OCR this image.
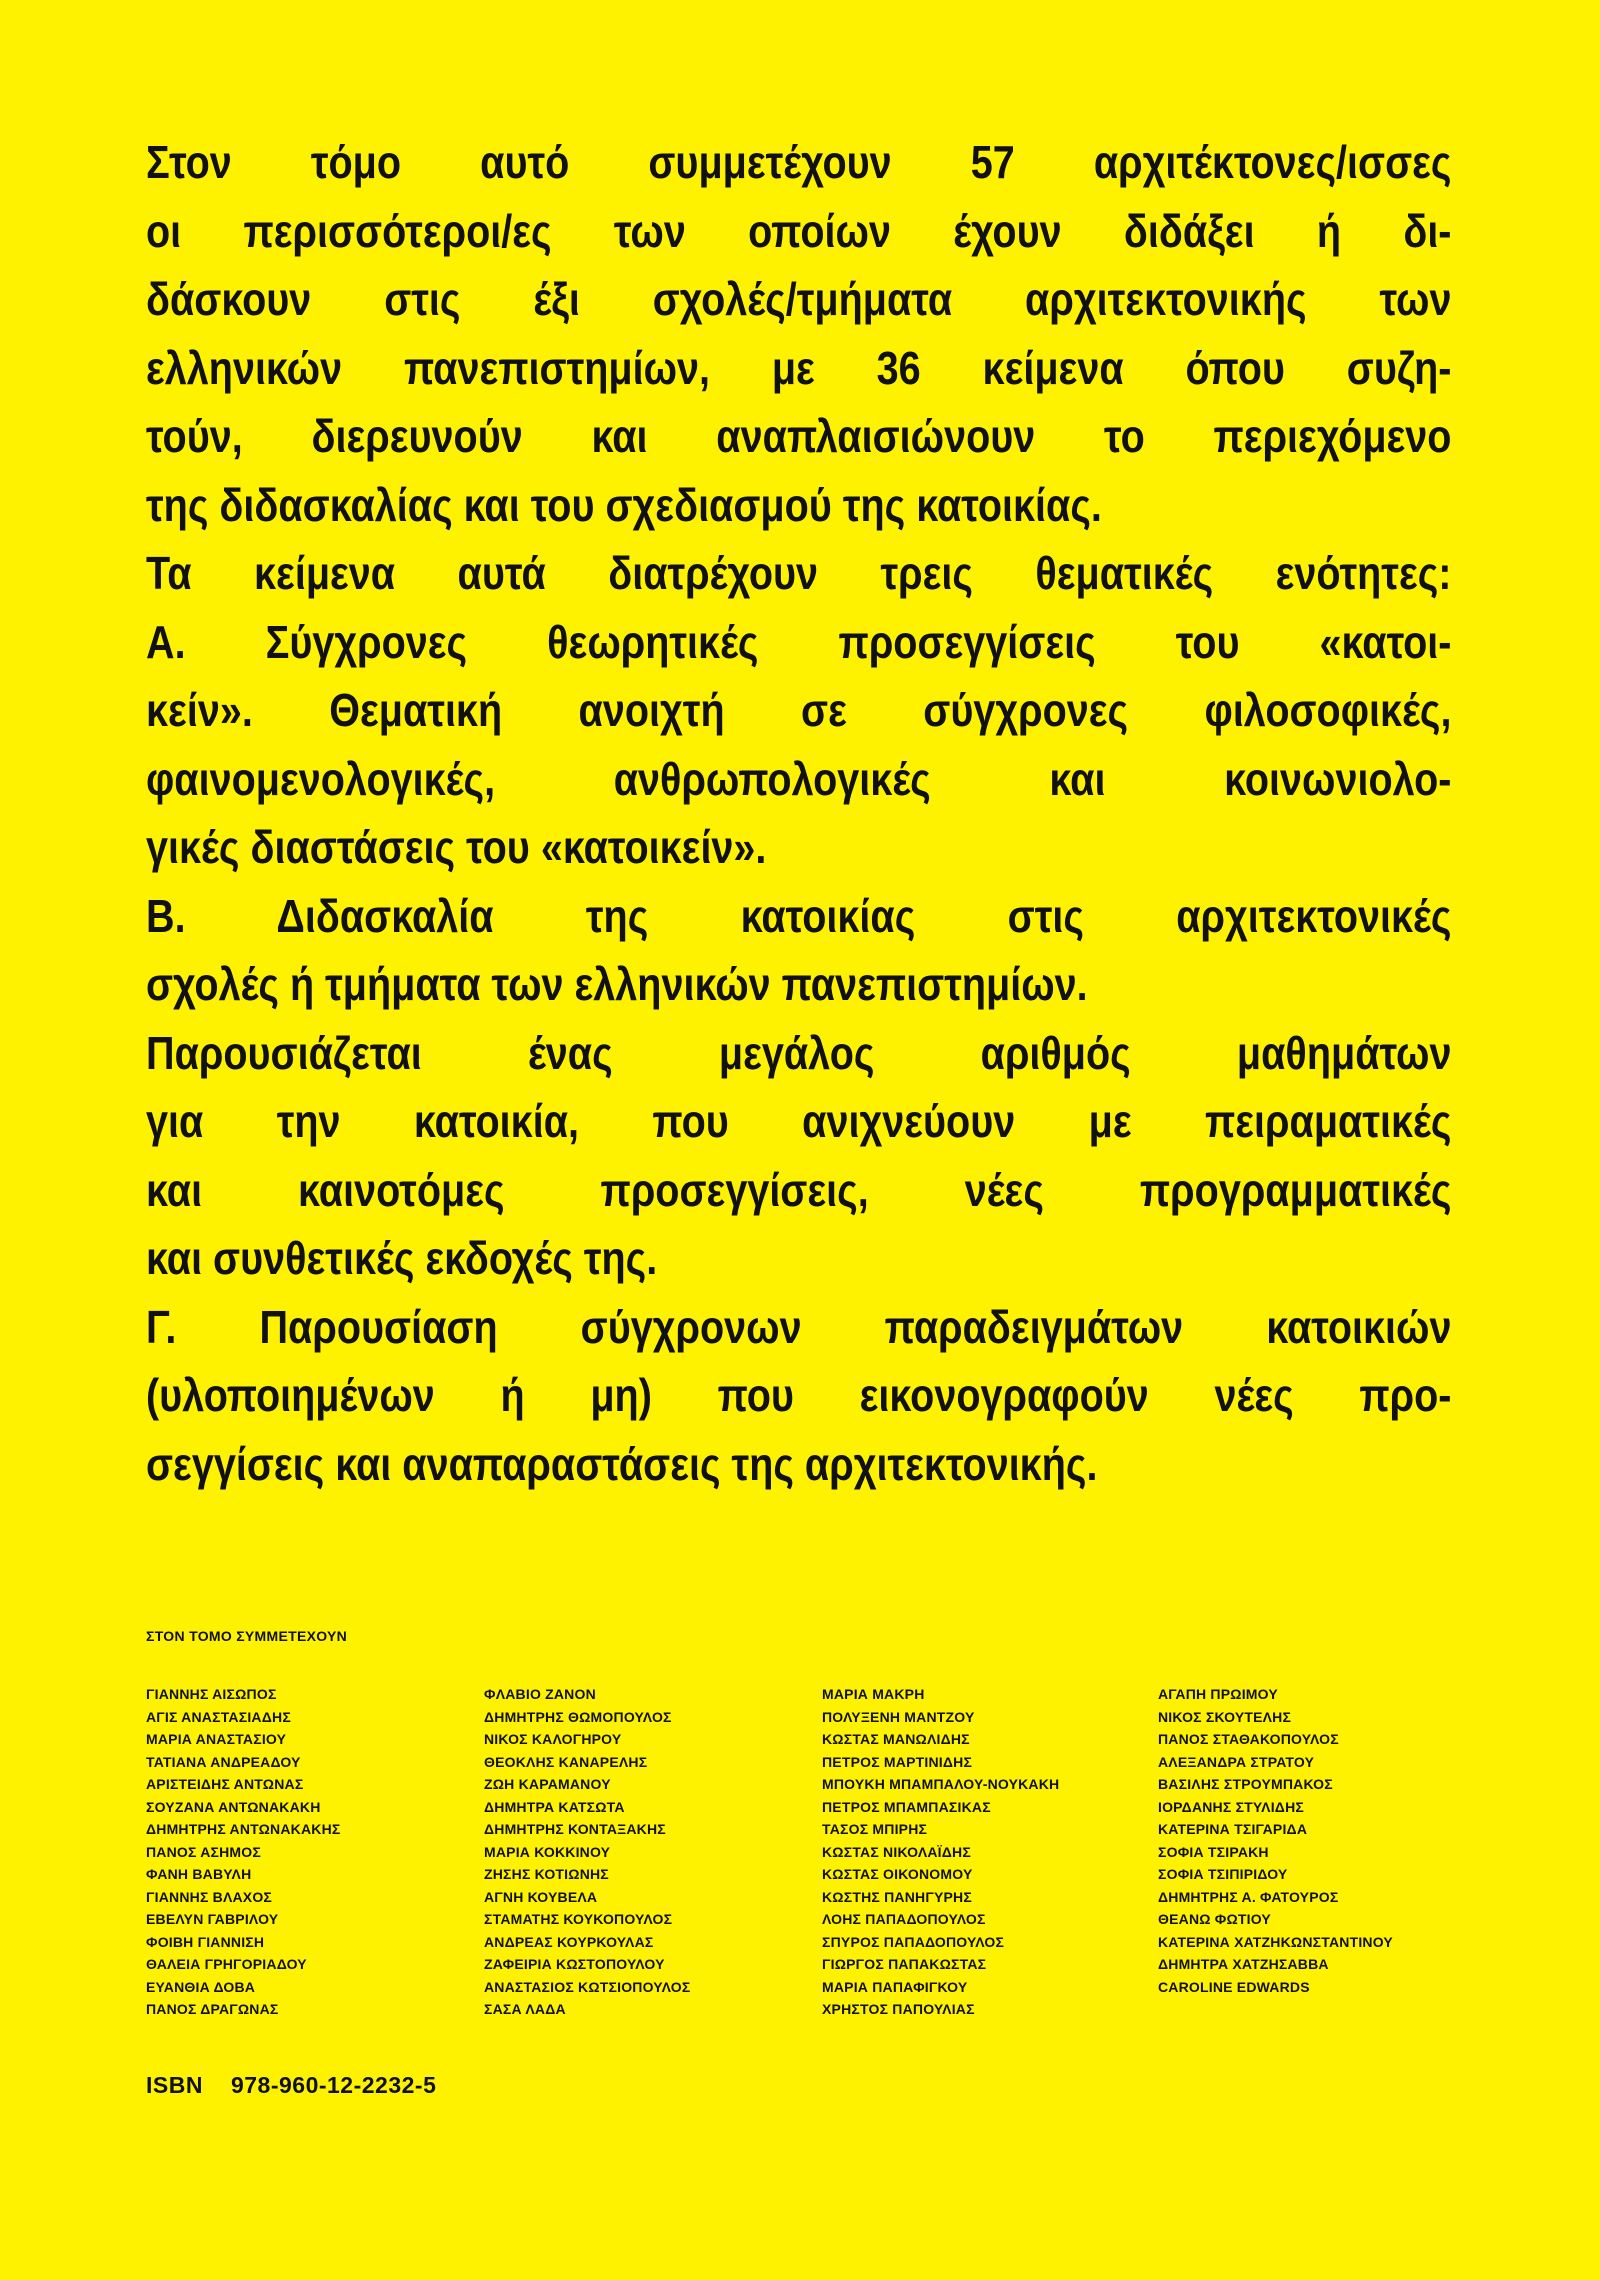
Στον τόμο αυτό συμμετέχουν 57 αρχιτέκτονες/ισσες
οι περισσότεροι/ες των οποίων έχουν διδάξει ή δι-
δάσκουν στις έξι σχολές/τμήματα αρχιτεκτονικής των
ελληνικών πανεπιστημίων, με 36 κείμενα όπου συζη-
τούν, διερευνούν και αναπλαισιώνουν το περιεχόμενο
της διδασκαλίας και του σχεδιασμού της κατοικίας.
Τα κείμενα αυτά διατρέχουν τρεις θεματικές ενότητες:
Α. Σύγχρονες θεωρητικές προσεγγίσεις του «κατοι-
κείν». Θεματική ανοιχτή σε σύγχρονες φιλοσοφικές,
φαινομενολογικές, ανθρωπολογικές και κοινωνιολο-
γικές διαστάσεις του «κατοικείν».
Β. Διδασκαλία της κατοικίας στις αρχιτεκτονικές
σχολές ή τμήματα των ελληνικών πανεπιστημίων.
Παρουσιάζεται ένας μεγάλος αριθμός μαθημάτων
για την κατοικία, που ανιχνεύουν με πειραματικές
και καινοτόμες προσεγγίσεις, νέες προγραμματικές
και συνθετικές εκδοχές της.
Γ. Παρουσίαση σύγχρονων παραδειγμάτων κατοικιών
(υλοποιημένων ή μη) που εικονογραφούν νέες προ-
σεγγίσεις και αναπαραστάσεις της αρχιτεκτονικής.
ΣΤΟΝ ΤΟΜΟ ΣΥΜΜΕΤΕΧΟΥΝ
ΓΙΑΝΝΗΣ ΑΙΣΩΠΟΣ
ΑΓΙΣ ΑΝΑΣΤΑΣΙΑΔΗΣ
ΜΑΡΙΑ ΑΝΑΣΤΑΣΙΟΥ
ΤΑΤΙΑΝΑ ΑΝΔΡΕΑΔΟΥ
ΑΡΙΣΤΕΙΔΗΣ ΑΝΤΩΝΑΣ
ΣΟΥΖΑΝΑ ΑΝΤΩΝΑΚΑΚΗ
ΔΗΜΗΤΡΗΣ ΑΝΤΩΝΑΚΑΚΗΣ
ΠΑΝΟΣ ΑΣΗΜΟΣ
ΦΑΝΗ ΒΑΒΥΛΗ
ΓΙΑΝΝΗΣ ΒΛΑΧΟΣ
ΕΒΕΛΥΝ ΓΑΒΡΙΛΟΥ
ΦΟΙΒΗ ΓΙΑΝΝΙΣΗ
ΘΑΛΕΙΑ ΓΡΗΓΟΡΙΑΔΟΥ
ΕΥΑΝΘΙΑ ΔΟΒΑ
ΠΑΝΟΣ ΔΡΑΓΩΝΑΣ
ΦΛΑΒΙΟ ΖΑΝΟΝ
ΔΗΜΗΤΡΗΣ ΘΩΜΟΠΟΥΛΟΣ
ΝΙΚΟΣ ΚΑΛΟΓΗΡΟΥ
ΘΕΟΚΛΗΣ ΚΑΝΑΡΕΛΗΣ
ΖΩΗ ΚΑΡΑΜΑΝΟΥ
ΔΗΜΗΤΡΑ ΚΑΤΣΩΤΑ
ΔΗΜΗΤΡΗΣ ΚΟΝΤΑΞΑΚΗΣ
ΜΑΡΙΑ ΚΟΚΚΙΝΟΥ
ΖΗΣΗΣ ΚΟΤΙΩΝΗΣ
ΑΓΝΗ ΚΟΥΒΕΛΑ
ΣΤΑΜΑΤΗΣ ΚΟΥΚΟΠΟΥΛΟΣ
ΑΝΔΡΕΑΣ ΚΟΥΡΚΟΥΛΑΣ
ΖΑΦΕΙΡΙΑ ΚΩΣΤΟΠΟΥΛΟΥ
ΑΝΑΣΤΑΣΙΟΣ ΚΩΤΣΙΟΠΟΥΛΟΣ
ΣΑΣΑ ΛΑΔΑ
ΜΑΡΙΑ ΜΑΚΡΗ
ΠΟΛΥΞΕΝΗ ΜΑΝΤΖΟΥ
ΚΩΣΤΑΣ ΜΑΝΩΛΙΔΗΣ
ΠΕΤΡΟΣ ΜΑΡΤΙΝΙΔΗΣ
ΜΠΟΥΚΗ ΜΠΑΜΠΑΛΟΥ-ΝΟΥΚΑΚΗ
ΠΕΤΡΟΣ ΜΠΑΜΠΑΣΙΚΑΣ
ΤΑΣΟΣ ΜΠΙΡΗΣ
ΚΩΣΤΑΣ ΝΙΚΟΛΑΪΔΗΣ
ΚΩΣΤΑΣ ΟΙΚΟΝΟΜΟΥ
ΚΩΣΤΗΣ ΠΑΝΗΓΥΡΗΣ
ΛΟΗΣ ΠΑΠΑΔΟΠΟΥΛΟΣ
ΣΠΥΡΟΣ ΠΑΠΑΔΟΠΟΥΛΟΣ
ΓΙΩΡΓΟΣ ΠΑΠΑΚΩΣΤΑΣ
ΜΑΡΙΑ ΠΑΠΑΦΙΓΚΟΥ
ΧΡΗΣΤΟΣ ΠΑΠΟΥΛΙΑΣ
ΑΓΑΠΗ ΠΡΩΙΜΟΥ
ΝΙΚΟΣ ΣΚΟΥΤΕΛΗΣ
ΠΑΝΟΣ ΣΤΑΘΑΚΟΠΟΥΛΟΣ
ΑΛΕΞΑΝΔΡΑ ΣΤΡΑΤΟΥ
ΒΑΣΙΛΗΣ ΣΤΡΟΥΜΠΑΚΟΣ
ΙΟΡΔΑΝΗΣ ΣΤΥΛΙΔΗΣ
ΚΑΤΕΡΙΝΑ ΤΣΙΓΑΡΙΔΑ
ΣΟΦΙΑ ΤΣΙΡΑΚΗ
ΣΟΦΙΑ ΤΣΙΠΙΡΙΔΟΥ
ΔΗΜΗΤΡΗΣ Α. ΦΑΤΟΥΡΟΣ
ΘΕΑΝΩ ΦΩΤΙΟΥ
ΚΑΤΕΡΙΝΑ ΧΑΤΖΗΚΩΝΣΤΑΝΤΙΝΟΥ
ΔΗΜΗΤΡΑ ΧΑΤΖΗΣΑΒΒΑ
CAROLINE EDWARDS
ISBN 978-960-12-2232-5
